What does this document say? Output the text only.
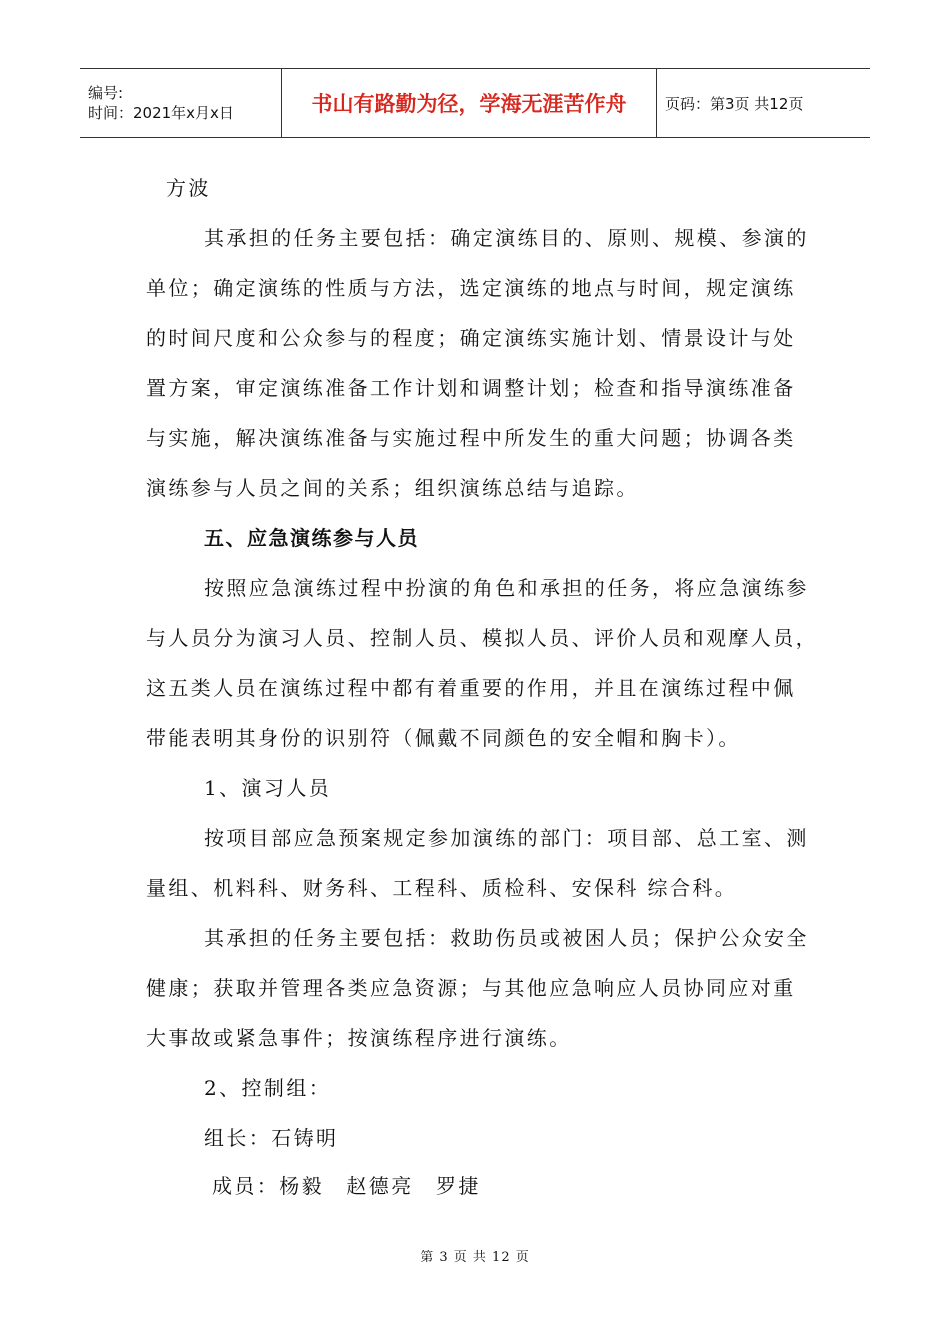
编号:
时间：2021年x月x日	书山有路勤为径，学海无涯苦作舟	页码：第3页 共12页
方波
其承担的任务主要包括：确定演练目的、原则、规模、参演的
单位；确定演练的性质与方法，选定演练的地点与时间，规定演练
的时间尺度和公众参与的程度；确定演练实施计划、情景设计与处
置方案，审定演练准备工作计划和调整计划；检查和指导演练准备
与实施，解决演练准备与实施过程中所发生的重大问题；协调各类
演练参与人员之间的关系；组织演练总结与追踪。
五、应急演练参与人员
按照应急演练过程中扮演的角色和承担的任务，将应急演练参
与人员分为演习人员、控制人员、模拟人员、评价人员和观摩人员，
这五类人员在演练过程中都有着重要的作用，并且在演练过程中佩
带能表明其身份的识别符（佩戴不同颜色的安全帽和胸卡）。
1、演习人员
按项目部应急预案规定参加演练的部门：项目部、总工室、测
量组、机料科、财务科、工程科、质检科、安保科 综合科。
其承担的任务主要包括：救助伤员或被困人员；保护公众安全
健康；获取并管理各类应急资源；与其他应急响应人员协同应对重
大事故或紧急事件；按演练程序进行演练。
2、控制组：
组长：石铸明
成员：杨毅　赵德亮　罗捷
第 3 页 共 12 页
